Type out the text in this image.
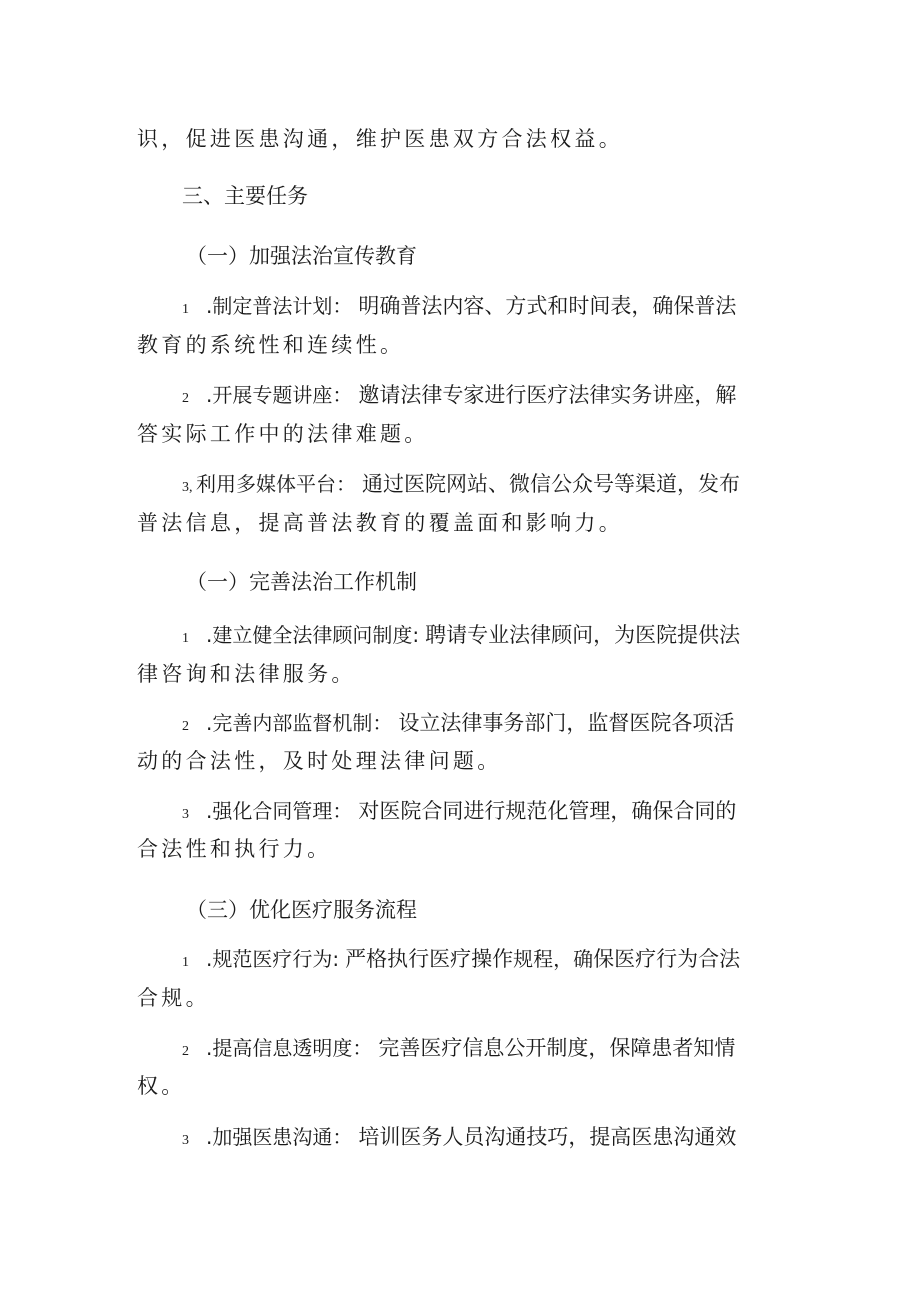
识，促进医患沟通，维护医患双方合法权益。
三、主要任务
（一）加强法治宣传教育
1 .制定普法计划： 明确普法内容、方式和时间表，确保普法
教育的系统性和连续性。
2 .开展专题讲座： 邀请法律专家进行医疗法律实务讲座，解
答实际工作中的法律难题。
3, 利用多媒体平台： 通过医院网站、微信公众号等渠道，发布
普法信息，提高普法教育的覆盖面和影响力。
（一）完善法治工作机制
1 .建立健全法律顾问制度: 聘请专业法律顾问，为医院提供法
律咨询和法律服务。
2 .完善内部监督机制： 设立法律事务部门，监督医院各项活
动的合法性，及时处理法律问题。
3 .强化合同管理： 对医院合同进行规范化管理，确保合同的
合法性和执行力。
（三）优化医疗服务流程
1 .规范医疗行为: 严格执行医疗操作规程，确保医疗行为合法
合规。
2 .提高信息透明度： 完善医疗信息公开制度，保障患者知情
权。
3 .加强医患沟通： 培训医务人员沟通技巧，提高医患沟通效
